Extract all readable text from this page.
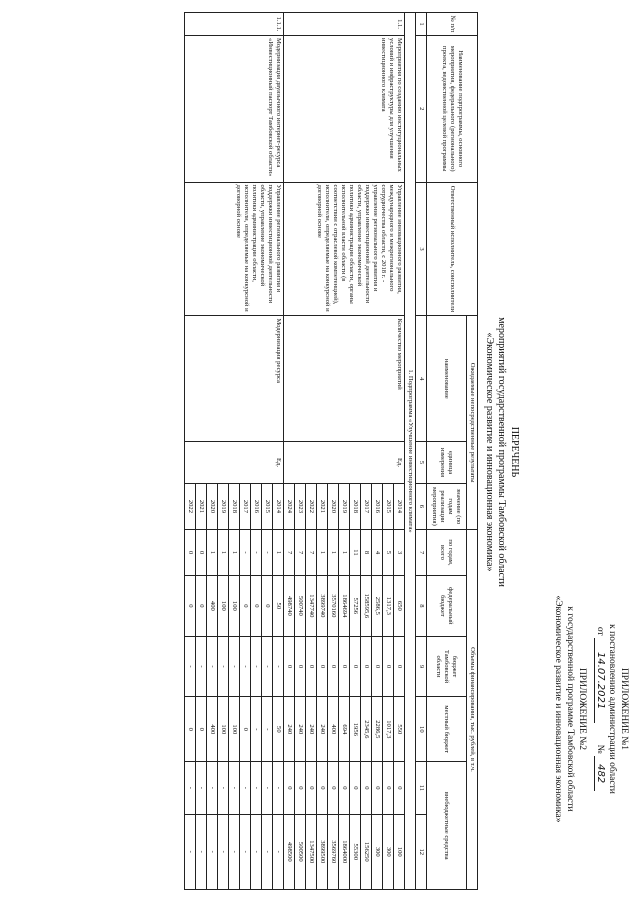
ПРИЛОЖЕНИЕ №1
к постановлению администрации области
от 14.07.2021         № 482
ПРИЛОЖЕНИЕ №2
к государственной программе Тамбовской области
«Экономическое развитие и инновационная экономика»
ПЕРЕЧЕНЬ
мероприятий государственной программы Тамбовской области
«Экономическое развитие и инновационная экономика»
№ п/п	Наименование подпрограммы, основного мероприятия, федерального (регионального) проекта, ведомственной целевой программы	Ответственный исполнитель, соисполнители	Ожидаемые непосредственные результаты			Объемы финансирования, тыс. рублей, в т.ч.					
			наименование	единица измерения	значение (по годам реализации мероприятия)	по годам, всего	федеральный бюджет	бюджет Тамбовской области	местный бюджет	внебюджетные средства	
1	2	3	4	5	6	7	8	9	10	11	12
1. Подпрограмма «Улучшение инвестиционного климата»											
1.1.	Мероприятия по созданию институциональных условий и инфраструктуры для улучшения инвестиционного климата	Управление инновационного развития, международного и межрегионального сотрудничества области, с 2018 г. - управление регионального развития и поддержки инвестиционной деятельности области, управление экономической политики администрации области, органы исполнительной власти области (в соответствии с отраслевой компетенцией), исполнители, определяемые на конкурсной и договорной основе	Количество мероприятий	Ед.	2014	3	650	0	550	0	100
					2015	5	1317,3	0	1017,3	0	300
					2016	4	2586,5	0	2286,5	0	300
					2017	8	158595,6	0	2345,6	0	156250
					2018	11	57256	0	1956	0	55300
					2019	1	1864694	0	694	0	1864000
					2020	1	3570160	0	400	0	3569760
					2021	1	3899740	0	240	0	3899500
					2022	7	1347740	0	240	0	1347500
					2023	7	500740	0	240	0	500500
					2024	7	498740	0	240	0	498500
1.1.1.	Модернизация двуязычного интернет-ресурса «Инвестиционный паспорт Тамбовской области»	Управление регионального развития и поддержки инвестиционной деятельности области, управление экономической политики администрации области, исполнители, определяемые на конкурсной и договорной основе	Модернизация ресурса	Ед.	2014	1	50	-	50	-	-
					2015	-	0	-	-	-	-
					2016	-	0	-	-	-	-
					2017	-	0	-	0	-	-
					2018	1	100	-	100	-	-
					2019	1	100	-	100	-	-
					2020	1	400	-	400	-	-
					2021	0	0	-	0	-	-
					2022	0	0	-	0	-	-
